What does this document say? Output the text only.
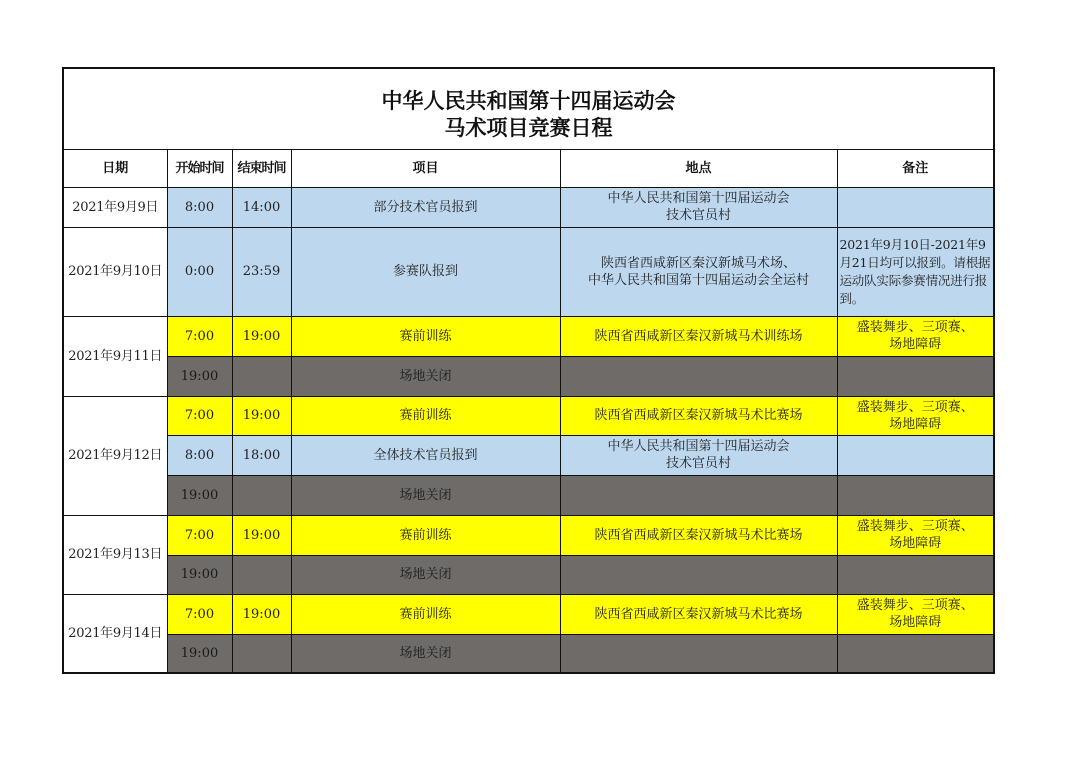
中华人民共和国第十四届运动会
马术项目竞赛日程					

日期	开始时间	结束时间	项目	地点	备注
2021年9月9日	8:00	14:00	部分技术官员报到	中华人民共和国第十四届运动会
技术官员村	

2021年9月10日	0:00	23:59	参赛队报到	陕西省西咸新区秦汉新城马术场、
中华人民共和国第十四届运动会全运村	2021年9月10日-2021年9月21日均可以报到。请根据运动队实际参赛情况进行报到。
2021年9月11日	7:00	19:00	赛前训练	陕西省西咸新区秦汉新城马术训练场	盛装舞步、三项赛、
场地障碍

	19:00		场地关闭		
2021年9月12日	7:00	19:00	赛前训练	陕西省西咸新区秦汉新城马术比赛场	盛装舞步、三项赛、
场地障碍

	8:00	18:00	全体技术官员报到	中华人民共和国第十四届运动会
技术官员村	

	19:00		场地关闭		
2021年9月13日	7:00	19:00	赛前训练	陕西省西咸新区秦汉新城马术比赛场	盛装舞步、三项赛、
场地障碍

	19:00		场地关闭		
2021年9月14日	7:00	19:00	赛前训练	陕西省西咸新区秦汉新城马术比赛场	盛装舞步、三项赛、
场地障碍

	19:00		场地关闭		
